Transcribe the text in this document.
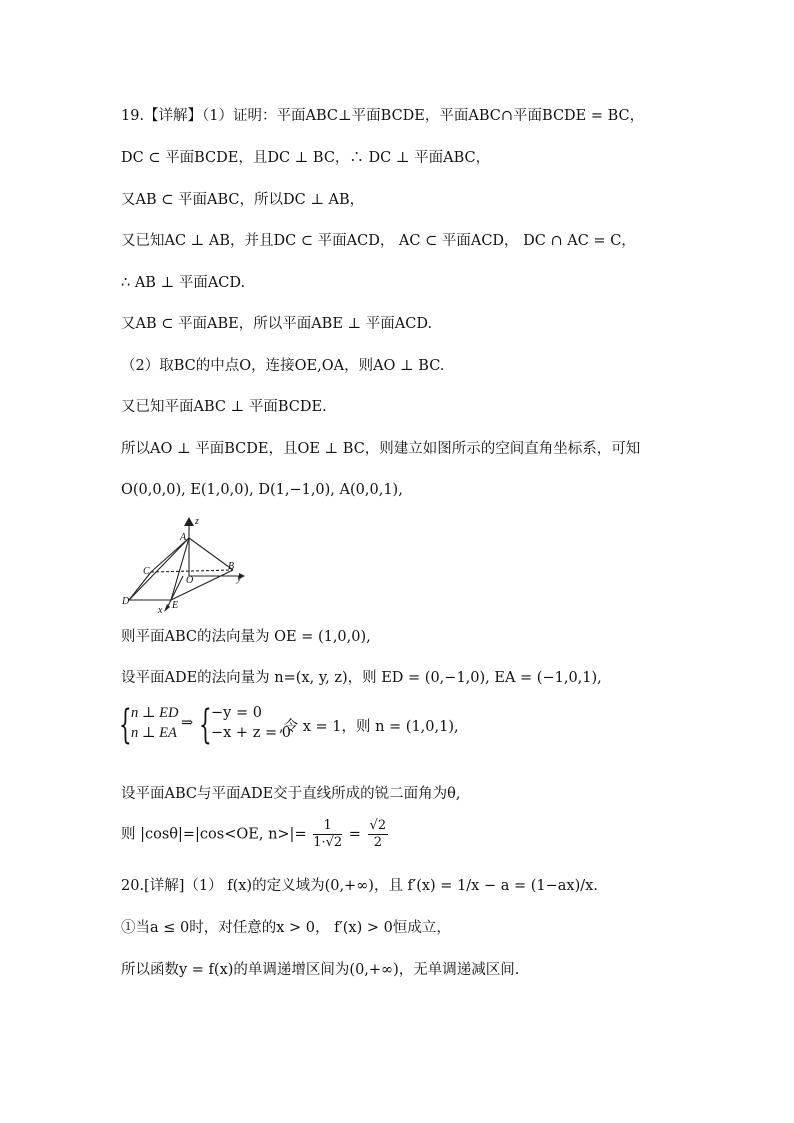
19.【详解】（1）证明：平面ABC⊥平面BCDE，平面ABC∩平面BCDE = BC，
DC ⊂ 平面BCDE，且DC ⊥ BC，∴ DC ⊥ 平面ABC，
又AB ⊂ 平面ABC，所以DC ⊥ AB，
又已知AC ⊥ AB，并且DC ⊂ 平面ACD， AC ⊂ 平面ACD， DC ∩ AC = C，
∴ AB ⊥ 平面ACD.
又AB ⊂ 平面ABE，所以平面ABE ⊥ 平面ACD.
（2）取BC的中点O，连接OE,OA，则AO ⊥ BC.
又已知平面ABC ⊥ 平面BCDE.
所以AO ⊥ 平面BCDE，且OE ⊥ BC，则建立如图所示的空间直角坐标系，可知
O(0,0,0), E(1,0,0), D(1,−1,0), A(0,0,1),
z
y
x
A
B
C
D	E
O
则平面ABC的法向量为 OE = (1,0,0),
设平面ADE的法向量为 n=(x, y, z)，则 ED = (0,−1,0), EA = (−1,0,1),
{ n ⊥ ED
n ⊥ EA
⇒ { −y = 0
−x + z = 0
,令 x = 1，则 n = (1,0,1),
设平面ABC与平面ADE交于直线所成的锐二面角为θ,
则 |cosθ|=|cos<OE, $n>|= \frac{1}{1\cdot√2} = \frac{√2}{2}$
20.[详解]（1） f(x)的定义域为(0,+∞)，且 f′(x) = 1/x − a = (1−ax)/x.
①当a ≤ 0时，对任意的x > 0， f′(x) > 0恒成立，
所以函数y = f(x)的单调递增区间为(0,+∞)，无单调递减区间.
